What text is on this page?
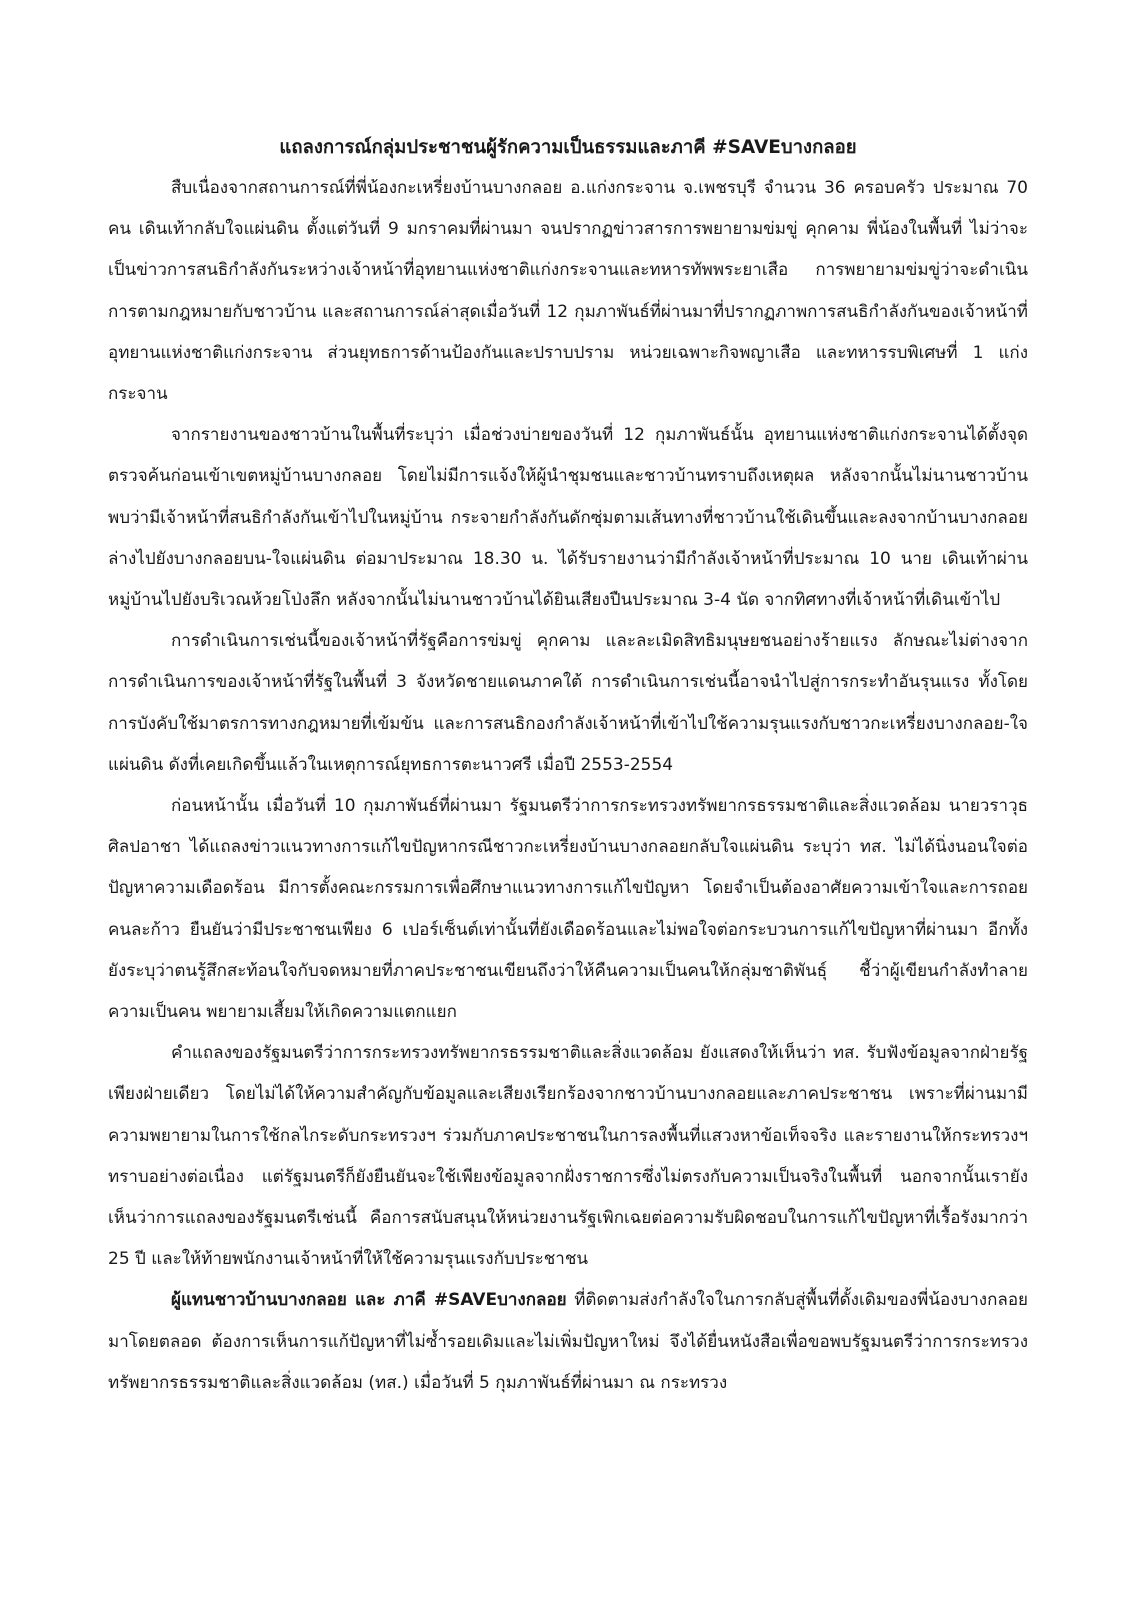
แถลงการณ์กลุ่มประชาชนผู้รักความเป็นธรรมและภาคี #SAVEบางกลอย

สืบเนื่องจากสถานการณ์ที่พี่น้องกะเหรี่ยงบ้านบางกลอย อ.แก่งกระจาน จ.เพชรบุรี จำนวน 36 ครอบครัว ประมาณ 70 คน เดินเท้ากลับใจแผ่นดิน ตั้งแต่วันที่ 9 มกราคมที่ผ่านมา จนปรากฏข่าวสารการพยายามข่มขู่ คุกคาม พี่น้องในพื้นที่ ไม่ว่าจะเป็นข่าวการสนธิกำลังกันระหว่างเจ้าหน้าที่อุทยานแห่งชาติแก่งกระจานและทหารทัพพระยาเสือ การพยายามข่มขู่ว่าจะดำเนินการตามกฎหมายกับชาวบ้าน และสถานการณ์ล่าสุดเมื่อวันที่ 12 กุมภาพันธ์ที่ผ่านมาที่ปรากฏภาพการสนธิกำลังกันของเจ้าหน้าที่อุทยานแห่งชาติแก่งกระจาน ส่วนยุทธการด้านป้องกันและปราบปราม หน่วยเฉพาะกิจพญาเสือ และทหารรบพิเศษที่ 1 แก่งกระจาน

จากรายงานของชาวบ้านในพื้นที่ระบุว่า เมื่อช่วงบ่ายของวันที่ 12 กุมภาพันธ์นั้น อุทยานแห่งชาติแก่งกระจานได้ตั้งจุดตรวจค้นก่อนเข้าเขตหมู่บ้านบางกลอย โดยไม่มีการแจ้งให้ผู้นำชุมชนและชาวบ้านทราบถึงเหตุผล หลังจากนั้นไม่นานชาวบ้านพบว่ามีเจ้าหน้าที่สนธิกำลังกันเข้าไปในหมู่บ้าน กระจายกำลังกันดักซุ่มตามเส้นทางที่ชาวบ้านใช้เดินขึ้นและลงจากบ้านบางกลอยล่างไปยังบางกลอยบน-ใจแผ่นดิน ต่อมาประมาณ 18.30 น. ได้รับรายงานว่ามีกำลังเจ้าหน้าที่ประมาณ 10 นาย เดินเท้าผ่านหมู่บ้านไปยังบริเวณห้วยโป่งลึก หลังจากนั้นไม่นานชาวบ้านได้ยินเสียงปืนประมาณ 3-4 นัด จากทิศทางที่เจ้าหน้าที่เดินเข้าไป

การดำเนินการเช่นนี้ของเจ้าหน้าที่รัฐคือการข่มขู่ คุกคาม และละเมิดสิทธิมนุษยชนอย่างร้ายแรง ลักษณะไม่ต่างจากการดำเนินการของเจ้าหน้าที่รัฐในพื้นที่ 3 จังหวัดชายแดนภาคใต้ การดำเนินการเช่นนี้อาจนำไปสู่การกระทำอันรุนแรง ทั้งโดยการบังคับใช้มาตรการทางกฎหมายที่เข้มข้น และการสนธิกองกำลังเจ้าหน้าที่เข้าไปใช้ความรุนแรงกับชาวกะเหรี่ยงบางกลอย-ใจแผ่นดิน ดังที่เคยเกิดขึ้นแล้วในเหตุการณ์ยุทธการตะนาวศรี เมื่อปี 2553-2554

ก่อนหน้านั้น เมื่อวันที่ 10 กุมภาพันธ์ที่ผ่านมา รัฐมนตรีว่าการกระทรวงทรัพยากรธรรมชาติและสิ่งแวดล้อม นายวราวุธ ศิลปอาชา ได้แถลงข่าวแนวทางการแก้ไขปัญหากรณีชาวกะเหรี่ยงบ้านบางกลอยกลับใจแผ่นดิน ระบุว่า ทส. ไม่ได้นิ่งนอนใจต่อปัญหาความเดือดร้อน มีการตั้งคณะกรรมการเพื่อศึกษาแนวทางการแก้ไขปัญหา โดยจำเป็นต้องอาศัยความเข้าใจและการถอยคนละก้าว ยืนยันว่ามีประชาชนเพียง 6 เปอร์เซ็นต์เท่านั้นที่ยังเดือดร้อนและไม่พอใจต่อกระบวนการแก้ไขปัญหาที่ผ่านมา อีกทั้งยังระบุว่าตนรู้สึกสะท้อนใจกับจดหมายที่ภาคประชาชนเขียนถึงว่าให้คืนความเป็นคนให้กลุ่มชาติพันธุ์ ชี้ว่าผู้เขียนกำลังทำลายความเป็นคน พยายามเสี้ยมให้เกิดความแตกแยก

คำแถลงของรัฐมนตรีว่าการกระทรวงทรัพยากรธรรมชาติและสิ่งแวดล้อม ยังแสดงให้เห็นว่า ทส. รับฟังข้อมูลจากฝ่ายรัฐเพียงฝ่ายเดียว โดยไม่ได้ให้ความสำคัญกับข้อมูลและเสียงเรียกร้องจากชาวบ้านบางกลอยและภาคประชาชน เพราะที่ผ่านมามีความพยายามในการใช้กลไกระดับกระทรวงฯ ร่วมกับภาคประชาชนในการลงพื้นที่แสวงหาข้อเท็จจริง และรายงานให้กระทรวงฯ ทราบอย่างต่อเนื่อง แต่รัฐมนตรีก็ยังยืนยันจะใช้เพียงข้อมูลจากฝั่งราชการซึ่งไม่ตรงกับความเป็นจริงในพื้นที่ นอกจากนั้นเรายังเห็นว่าการแถลงของรัฐมนตรีเช่นนี้ คือการสนับสนุนให้หน่วยงานรัฐเพิกเฉยต่อความรับผิดชอบในการแก้ไขปัญหาที่เรื้อรังมากว่า 25 ปี และให้ท้ายพนักงานเจ้าหน้าที่ให้ใช้ความรุนแรงกับประชาชน

ผู้แทนชาวบ้านบางกลอย และ ภาคี #SAVEบางกลอย ที่ติดตามส่งกำลังใจในการกลับสู่พื้นที่ดั้งเดิมของพี่น้องบางกลอยมาโดยตลอด ต้องการเห็นการแก้ปัญหาที่ไม่ซ้ำรอยเดิมและไม่เพิ่มปัญหาใหม่ จึงได้ยื่นหนังสือเพื่อขอพบรัฐมนตรีว่าการกระทรวงทรัพยากรธรรมชาติและสิ่งแวดล้อม (ทส.) เมื่อวันที่ 5 กุมภาพันธ์ที่ผ่านมา ณ กระทรวง
